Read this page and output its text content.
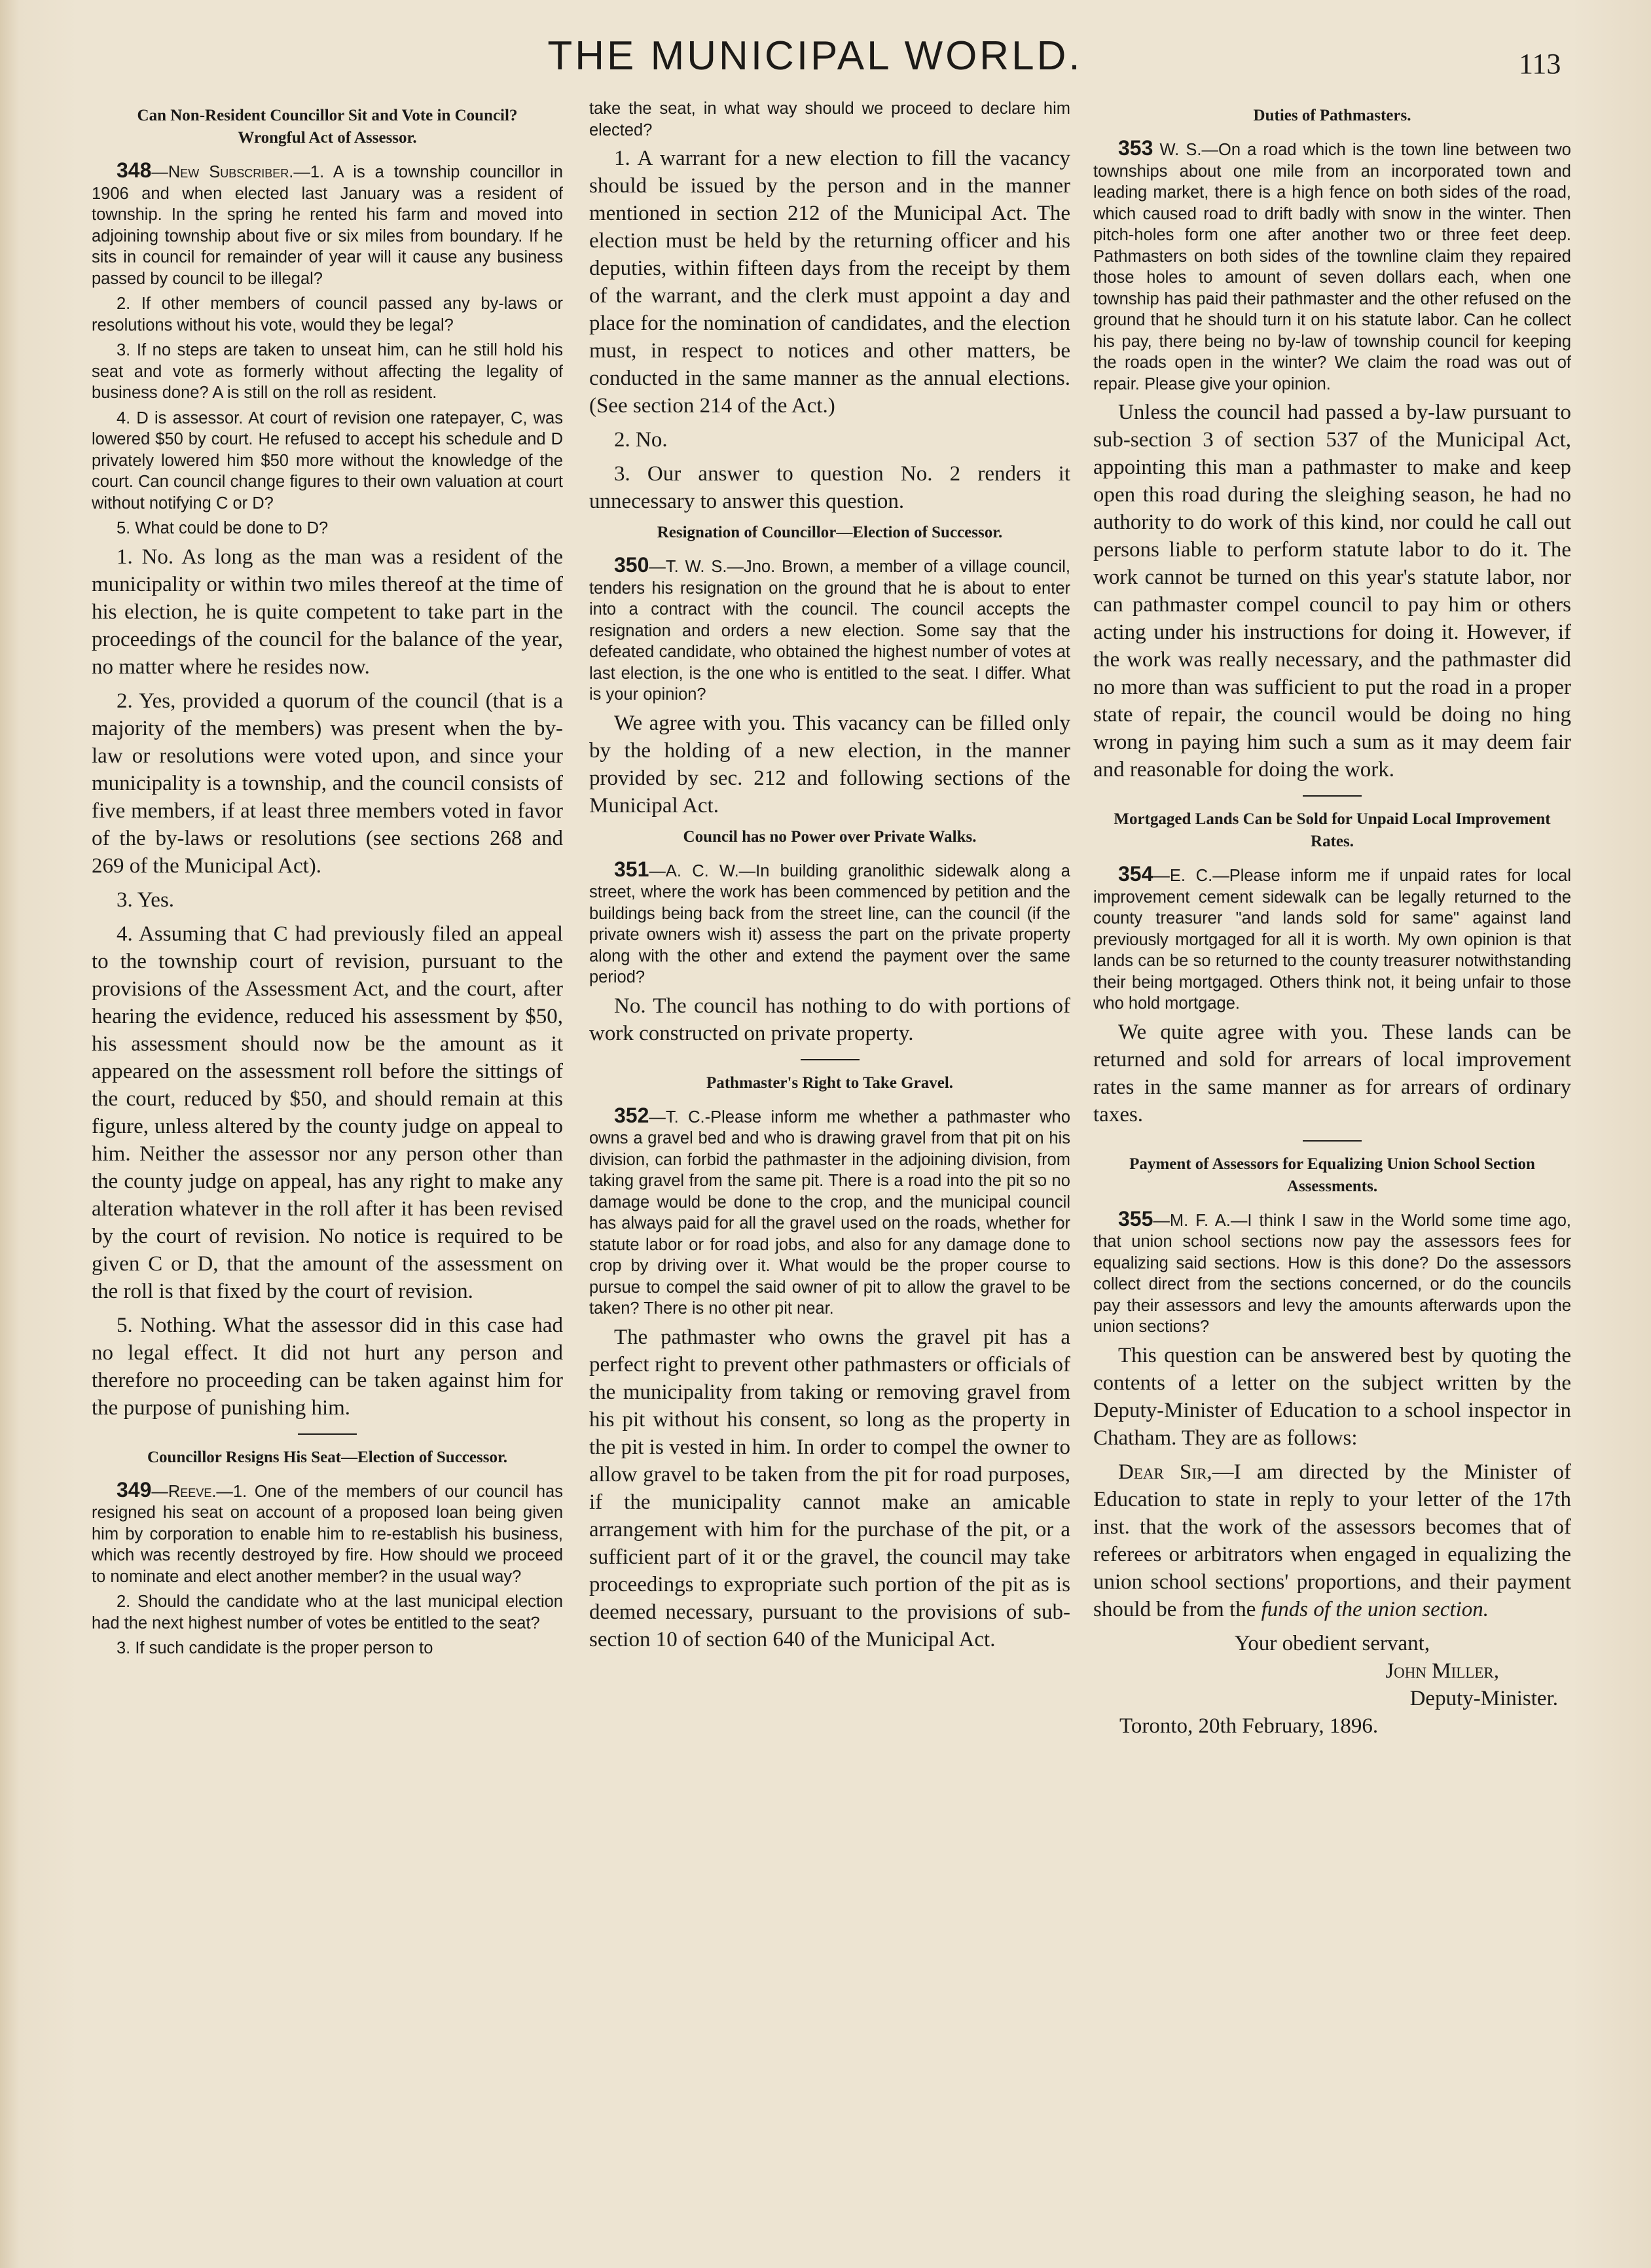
THE MUNICIPAL WORLD.	113
Can Non-Resident Councillor Sit and Vote in Council? Wrongful Act of Assessor.

348—New Subscriber.—1. A is a township councillor in 1906 and when elected last January was a resident of township. In the spring he rented his farm and moved into adjoining township about five or six miles from boundary. If he sits in council for remainder of year will it cause any business passed by council to be illegal?

2. If other members of council passed any by-laws or resolutions without his vote, would they be legal?

3. If no steps are taken to unseat him, can he still hold his seat and vote as formerly without affecting the legality of business done? A is still on the roll as resident.

4. D is assessor. At court of revision one ratepayer, C, was lowered $50 by court. He refused to accept his schedule and D privately lowered him $50 more without the knowledge of the court. Can council change figures to their own valuation at court without notifying C or D?

5. What could be done to D?

1. No. As long as the man was a resident of the municipality or within two miles thereof at the time of his election, he is quite competent to take part in the proceedings of the council for the balance of the year, no matter where he resides now.

2. Yes, provided a quorum of the council (that is a majority of the members) was present when the by-law or resolutions were voted upon, and since your municipality is a township, and the council consists of five members, if at least three members voted in favor of the by-laws or resolutions (see sections 268 and 269 of the Municipal Act).

3. Yes.

4. Assuming that C had previously filed an appeal to the township court of revision, pursuant to the provisions of the Assessment Act, and the court, after hearing the evidence, reduced his assessment by $50, his assessment should now be the amount as it appeared on the assessment roll before the sittings of the court, reduced by $50, and should remain at this figure, unless altered by the county judge on appeal to him. Neither the assessor nor any person other than the county judge on appeal, has any right to make any alteration whatever in the roll after it has been revised by the court of revision. No notice is required to be given C or D, that the amount of the assessment on the roll is that fixed by the court of revision.

5. Nothing. What the assessor did in this case had no legal effect. It did not hurt any person and therefore no proceeding can be taken against him for the purpose of punishing him.

Councillor Resigns His Seat—Election of Successor.

349—Reeve.—1. One of the members of our council has resigned his seat on account of a proposed loan being given him by corporation to enable him to re-establish his business, which was recently destroyed by fire. How should we proceed to nominate and elect another member? in the usual way?

2. Should the candidate who at the last municipal election had the next highest number of votes be entitled to the seat?

3. If such candidate is the proper person to

take the seat, in what way should we proceed to declare him elected?

1. A warrant for a new election to fill the vacancy should be issued by the person and in the manner mentioned in section 212 of the Municipal Act. The election must be held by the returning officer and his deputies, within fifteen days from the receipt by them of the warrant, and the clerk must appoint a day and place for the nomination of candidates, and the election must, in respect to notices and other matters, be conducted in the same manner as the annual elections. (See section 214 of the Act.)

2. No.

3. Our answer to question No. 2 renders it unnecessary to answer this question.

Resignation of Councillor—Election of Successor.

350—T. W. S.—Jno. Brown, a member of a village council, tenders his resignation on the ground that he is about to enter into a contract with the council. The council accepts the resignation and orders a new election. Some say that the defeated candidate, who obtained the highest number of votes at last election, is the one who is entitled to the seat. I differ. What is your opinion?

We agree with you. This vacancy can be filled only by the holding of a new election, in the manner provided by sec. 212 and following sections of the Municipal Act.

Council has no Power over Private Walks.

351—A. C. W.—In building granolithic sidewalk along a street, where the work has been commenced by petition and the buildings being back from the street line, can the council (if the private owners wish it) assess the part on the private property along with the other and extend the payment over the same period?

No. The council has nothing to do with portions of work constructed on private property.

Pathmaster's Right to Take Gravel.

352—T. C.-Please inform me whether a pathmaster who owns a gravel bed and who is drawing gravel from that pit on his division, can forbid the pathmaster in the adjoining division, from taking gravel from the same pit. There is a road into the pit so no damage would be done to the crop, and the municipal council has always paid for all the gravel used on the roads, whether for statute labor or for road jobs, and also for any damage done to crop by driving over it. What would be the proper course to pursue to compel the said owner of pit to allow the gravel to be taken? There is no other pit near.

The pathmaster who owns the gravel pit has a perfect right to prevent other pathmasters or officials of the municipality from taking or removing gravel from his pit without his consent, so long as the property in the pit is vested in him. In order to compel the owner to allow gravel to be taken from the pit for road purposes, if the municipality cannot make an amicable arrangement with him for the purchase of the pit, or a sufficient part of it or the gravel, the council may take proceedings to expropriate such portion of the pit as is deemed necessary, pursuant to the provisions of sub-section 10 of section 640 of the Municipal Act.

Duties of Pathmasters.

353 W. S.—On a road which is the town line between two townships about one mile from an incorporated town and leading market, there is a high fence on both sides of the road, which caused road to drift badly with snow in the winter. Then pitch-holes form one after another two or three feet deep. Pathmasters on both sides of the townline claim they repaired those holes to amount of seven dollars each, when one township has paid their pathmaster and the other refused on the ground that he should turn it on his statute labor. Can he collect his pay, there being no by-law of township council for keeping the roads open in the winter? We claim the road was out of repair. Please give your opinion.

Unless the council had passed a by-law pursuant to sub-section 3 of section 537 of the Municipal Act, appointing this man a pathmaster to make and keep open this road during the sleighing season, he had no authority to do work of this kind, nor could he call out persons liable to perform statute labor to do it. The work cannot be turned on this year's statute labor, nor can pathmaster compel council to pay him or others acting under his instructions for doing it. However, if the work was really necessary, and the pathmaster did no more than was sufficient to put the road in a proper state of repair, the council would be doing no hing wrong in paying him such a sum as it may deem fair and reasonable for doing the work.

Mortgaged Lands Can be Sold for Unpaid Local Improvement Rates.

354—E. C.—Please inform me if unpaid rates for local improvement cement sidewalk can be legally returned to the county treasurer "and lands sold for same" against land previously mortgaged for all it is worth. My own opinion is that lands can be so returned to the county treasurer notwithstanding their being mortgaged. Others think not, it being unfair to those who hold mortgage.

We quite agree with you. These lands can be returned and sold for arrears of local improvement rates in the same manner as for arrears of ordinary taxes.

Payment of Assessors for Equalizing Union School Section Assessments.

355—M. F. A.—I think I saw in the World some time ago, that union school sections now pay the assessors fees for equalizing said sections. How is this done? Do the assessors collect direct from the sections concerned, or do the councils pay their assessors and levy the amounts afterwards upon the union sections?

This question can be answered best by quoting the contents of a letter on the subject written by the Deputy-Minister of Education to a school inspector in Chatham. They are as follows:

Dear Sir,—I am directed by the Minister of Education to state in reply to your letter of the 17th inst. that the work of the assessors becomes that of referees or arbitrators when engaged in equalizing the union school sections' proportions, and their payment should be from the funds of the union section.

Your obedient servant,
John Miller,
Deputy-Minister.
Toronto, 20th February, 1896.
